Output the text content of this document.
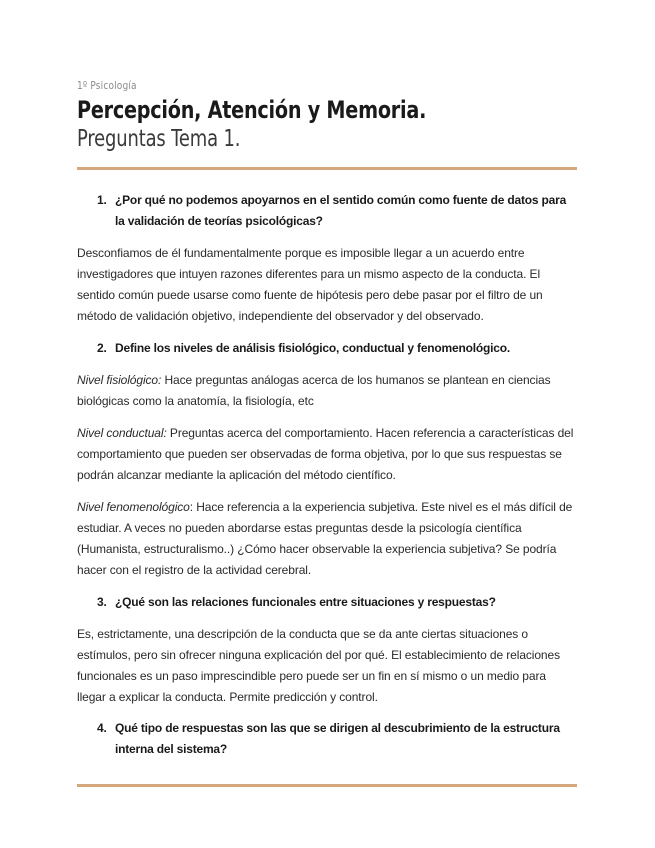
1º Psicología
Percepción, Atención y Memoria.
Preguntas Tema 1.
1. ¿Por qué no podemos apoyarnos en el sentido común como fuente de datos para la validación de teorías psicológicas?
Desconfiamos de él fundamentalmente porque es imposible llegar a un acuerdo entre investigadores que intuyen razones diferentes para un mismo aspecto de la conducta. El sentido común puede usarse como fuente de hipótesis pero debe pasar por el filtro de un método de validación objetivo, independiente del observador y del observado.
2. Define los niveles de análisis fisiológico, conductual y fenomenológico.
Nivel fisiológico: Hace preguntas análogas acerca de los humanos se plantean en ciencias biológicas como la anatomía, la fisiología, etc
Nivel conductual: Preguntas acerca del comportamiento. Hacen referencia a características del comportamiento que pueden ser observadas de forma objetiva, por lo que sus respuestas se podrán alcanzar mediante la aplicación del método científico.
Nivel fenomenológico: Hace referencia a la experiencia subjetiva. Este nivel es el más difícil de estudiar. A veces no pueden abordarse estas preguntas desde la psicología científica (Humanista, estructuralismo..) ¿Cómo hacer observable la experiencia subjetiva? Se podría hacer con el registro de la actividad cerebral.
3. ¿Qué son las relaciones funcionales entre situaciones y respuestas?
Es, estrictamente, una descripción de la conducta que se da ante ciertas situaciones o estímulos, pero sin ofrecer ninguna explicación del por qué. El establecimiento de relaciones funcionales es un paso imprescindible pero puede ser un fin en sí mismo o un medio para llegar a explicar la conducta. Permite predicción y control.
4. Qué tipo de respuestas son las que se dirigen al descubrimiento de la estructura interna del sistema?
